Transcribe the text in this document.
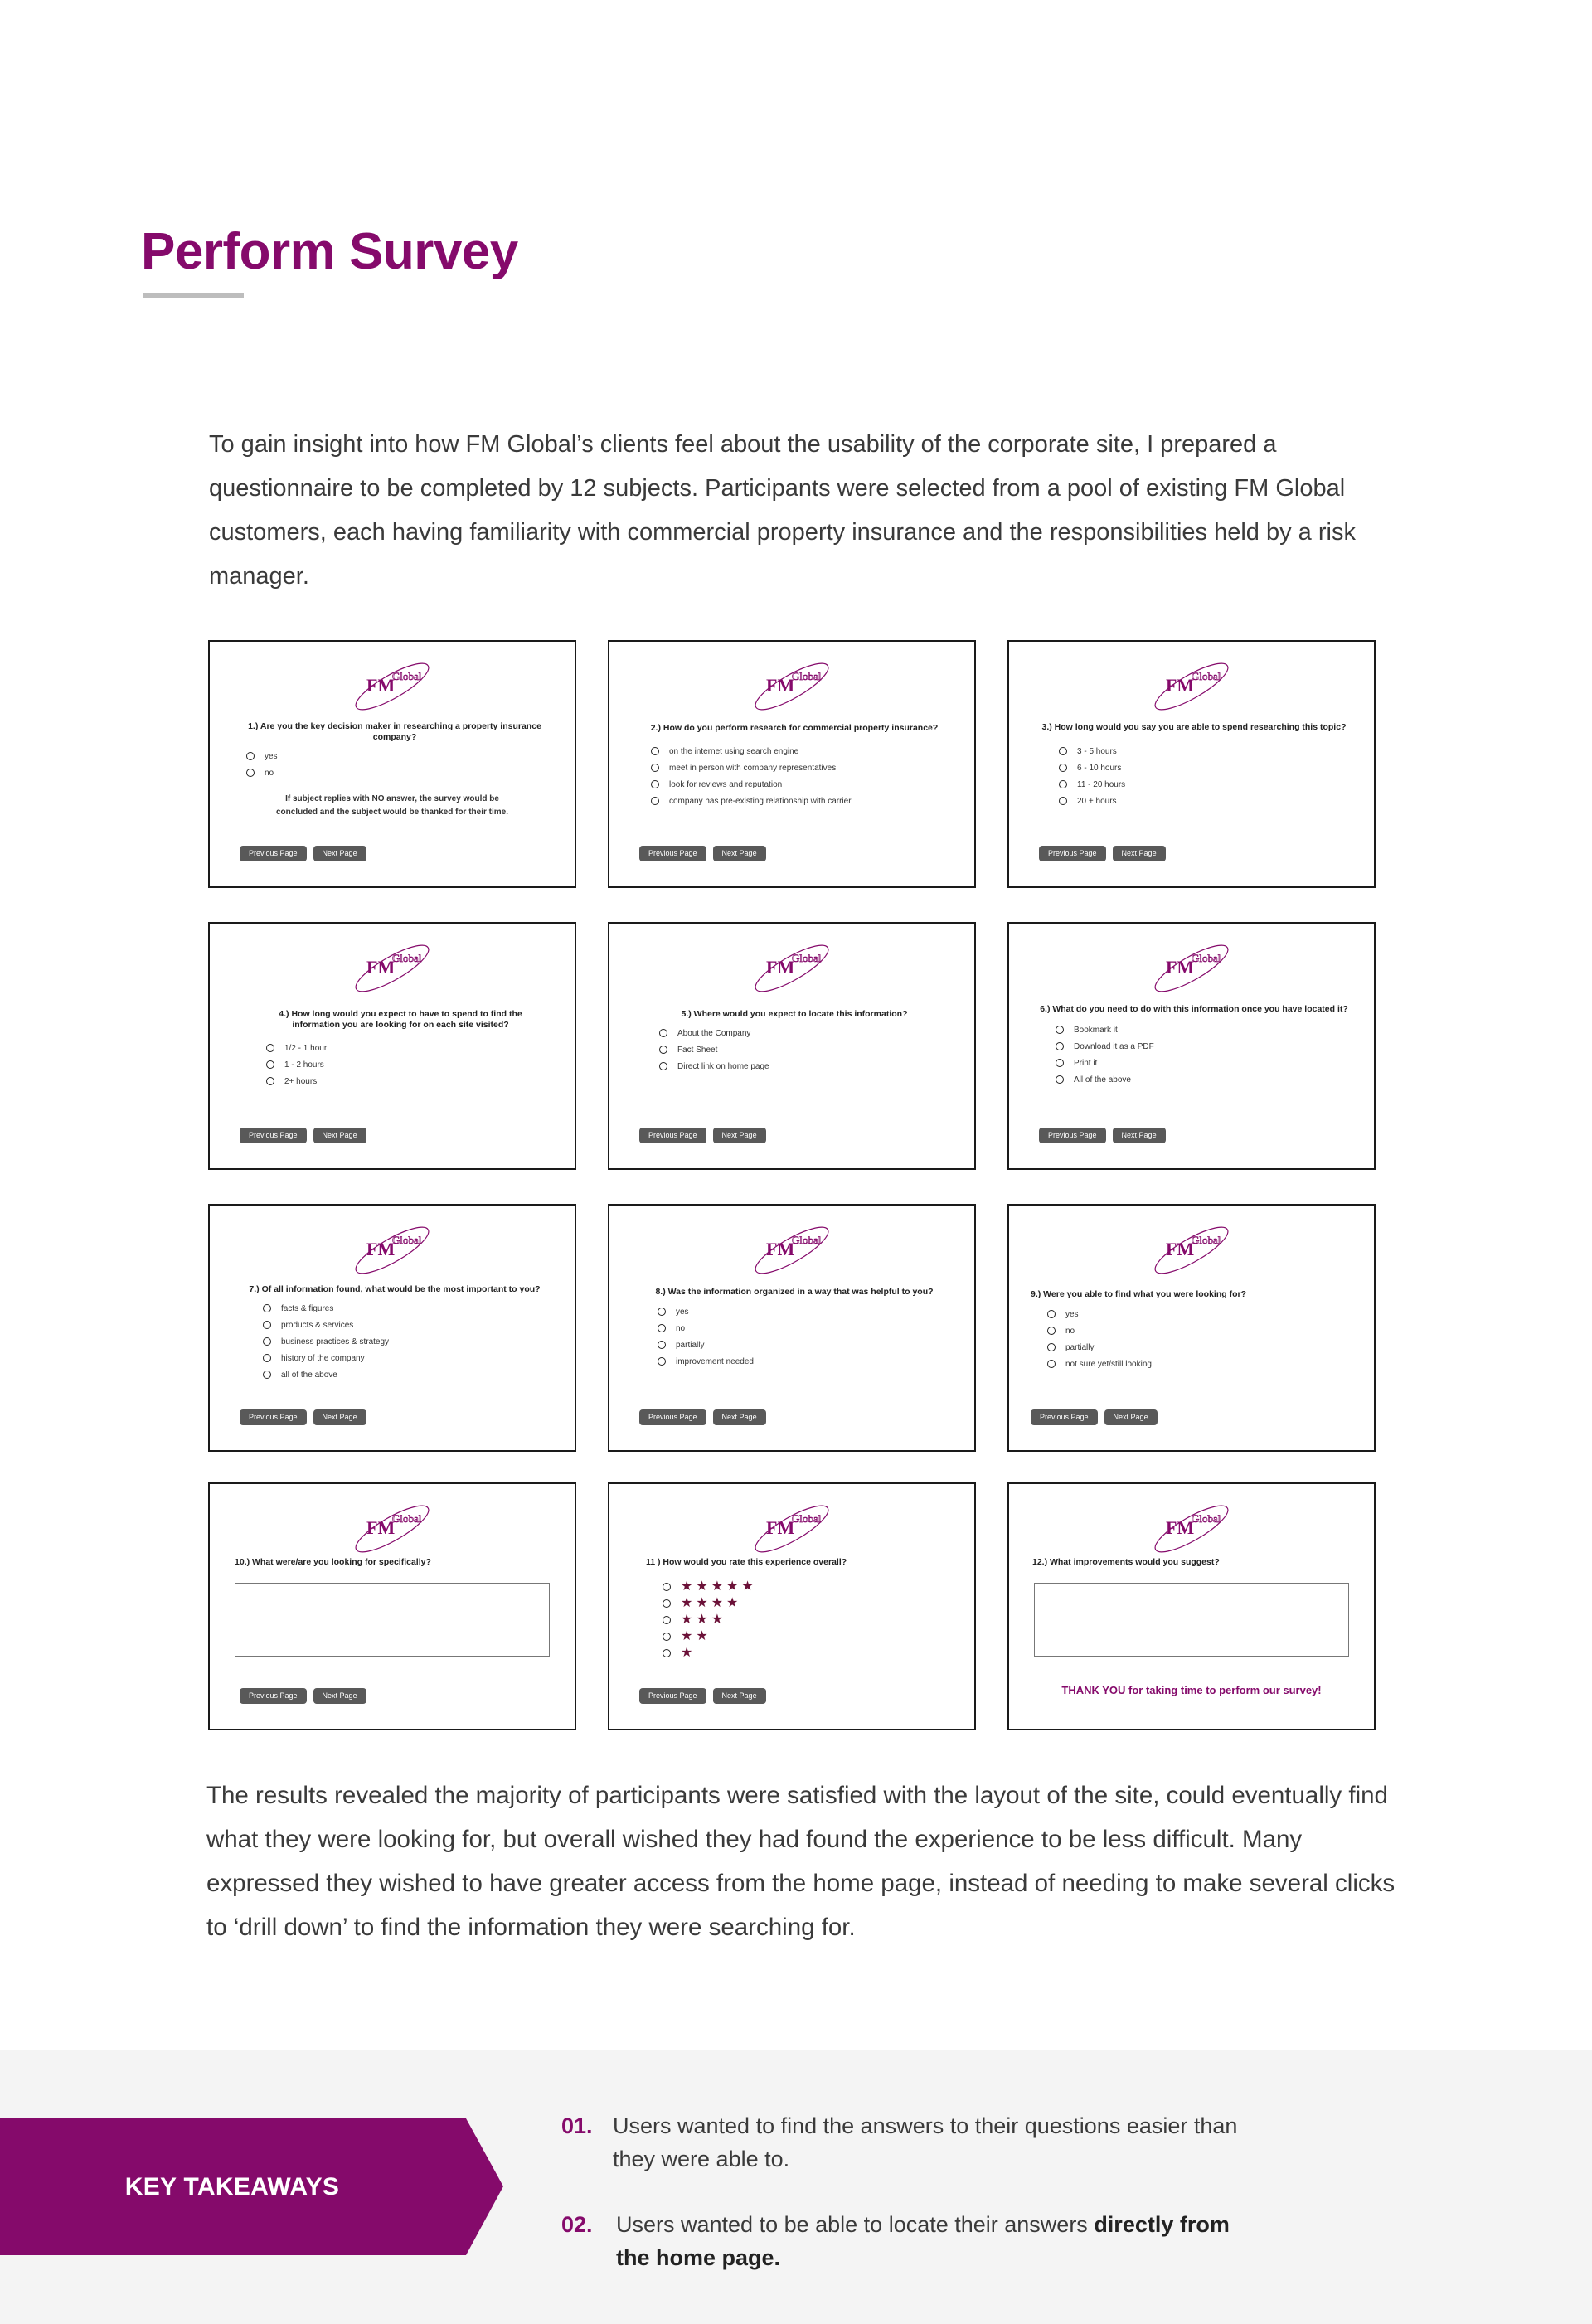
Perform Survey

To gain insight into how FM Global’s clients feel about the usability of the corporate site, I prepared a questionnaire to be completed by 12 subjects. Participants were selected from a pool of existing FM Global customers, each having familiarity with commercial property insurance and the responsibilities held by a risk manager.

FM
Global
1.) Are you the key decision maker in researching a property insurance company?
yes
no
If subject replies with NO answer, the survey would be concluded and the subject would be thanked for their time.
Previous Page	Next Page
FM
Global
2.) How do you perform research for commercial property insurance?
on the internet using search engine
meet in person with company representatives
look for reviews and reputation
company has pre-existing relationship with carrier
Previous Page	Next Page
FM
Global
3.) How long would you say you are able to spend researching this topic?
3 - 5 hours
6 - 10 hours
11 - 20 hours
20 + hours
Previous Page	Next Page
FM
Global
4.) How long would you expect to have to spend to find the information you are looking for on each site visited?
1/2 - 1 hour
1 - 2 hours
2+ hours
Previous Page	Next Page
FM
Global
5.) Where would you expect to locate this information?
About the Company
Fact Sheet
Direct link on home page
Previous Page	Next Page
FM
Global
6.) What do you need to do with this information once you have located it?
Bookmark it
Download it as a PDF
Print it
All of the above
Previous Page	Next Page
FM
Global
7.) Of all information found, what would be the most important to you?
facts & figures
products & services
business practices & strategy
history of the company
all of the above
Previous Page	Next Page
FM
Global
8.) Was the information organized in a way that was helpful to you?
yes
no
partially
improvement needed
Previous Page	Next Page
FM
Global
9.) Were you able to find what you were looking for?
yes
no
partially
not sure yet/still looking
Previous Page	Next Page
FM
Global
10.) What were/are you looking for specifically?
Previous Page	Next Page
FM
Global
11 ) How would you rate this experience overall?
★★★★★
★★★★
★★★
★★
★
Previous Page	Next Page
FM
Global
12.) What improvements would you suggest?
THANK YOU for taking time to perform our survey!

The results revealed the majority of participants were satisfied with the layout of the site, could eventually find what they were looking for, but overall wished they had found the experience to be less difficult. Many expressed they wished to have greater access from the home page, instead of needing to make several clicks to ‘drill down’ to find the information they were searching for.

KEY TAKEAWAYS
01. Users wanted to find the answers to their questions easier than they were able to.
02. Users wanted to be able to locate their answers directly from the home page.
